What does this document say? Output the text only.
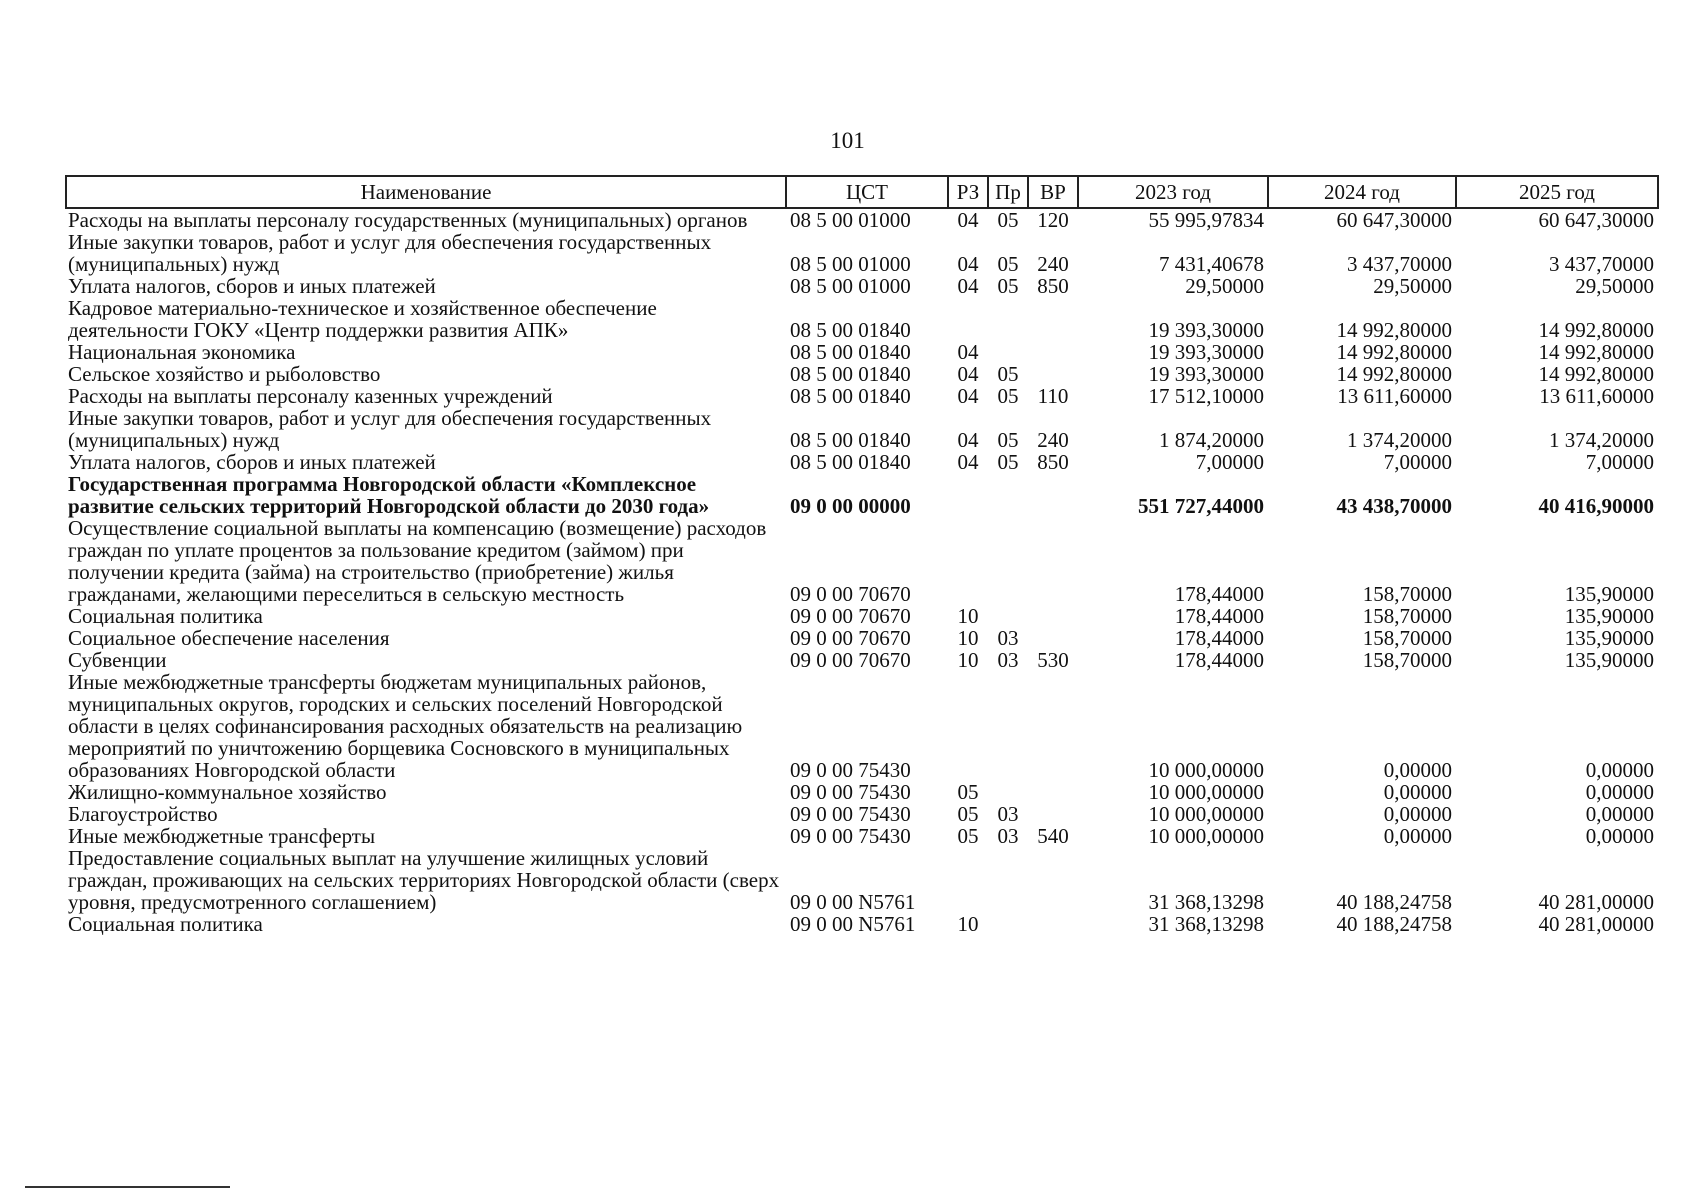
101
Наименование	ЦСТ	РЗ	Пр	ВР	2023 год	2024 год	2025 год
Расходы на выплаты персоналу государственных (муниципальных) органов	08 5 00 01000	04	05	120	55 995,97834	60 647,30000	60 647,30000
Иные закупки товаров, работ и услуг для обеспечения государственных (муниципальных) нужд	08 5 00 01000	04	05	240	7 431,40678	3 437,70000	3 437,70000
Уплата налогов, сборов и иных платежей	08 5 00 01000	04	05	850	29,50000	29,50000	29,50000
Кадровое материально-техническое и хозяйственное обеспечение деятельности ГОКУ «Центр поддержки развития АПК»	08 5 00 01840				19 393,30000	14 992,80000	14 992,80000
Национальная экономика	08 5 00 01840	04			19 393,30000	14 992,80000	14 992,80000
Сельское хозяйство и рыболовство	08 5 00 01840	04	05		19 393,30000	14 992,80000	14 992,80000
Расходы на выплаты персоналу казенных учреждений	08 5 00 01840	04	05	110	17 512,10000	13 611,60000	13 611,60000
Иные закупки товаров, работ и услуг для обеспечения государственных (муниципальных) нужд	08 5 00 01840	04	05	240	1 874,20000	1 374,20000	1 374,20000
Уплата налогов, сборов и иных платежей	08 5 00 01840	04	05	850	7,00000	7,00000	7,00000
Государственная программа Новгородской области «Комплексное развитие сельских территорий Новгородской области до 2030 года»	09 0 00 00000				551 727,44000	43 438,70000	40 416,90000
Осуществление социальной выплаты на компенсацию (возмещение) расходов граждан по уплате процентов за пользование кредитом (займом) при получении кредита (займа) на строительство (приобретение) жилья гражданами, желающими переселиться в сельскую местность	09 0 00 70670				178,44000	158,70000	135,90000
Социальная политика	09 0 00 70670	10			178,44000	158,70000	135,90000
Социальное обеспечение населения	09 0 00 70670	10	03		178,44000	158,70000	135,90000
Субвенции	09 0 00 70670	10	03	530	178,44000	158,70000	135,90000
Иные межбюджетные трансферты бюджетам муниципальных районов, муниципальных округов, городских и сельских поселений Новгородской области в целях софинансирования расходных обязательств на реализацию мероприятий по уничтожению борщевика Сосновского в муниципальных образованиях Новгородской области	09 0 00 75430				10 000,00000	0,00000	0,00000
Жилищно-коммунальное хозяйство	09 0 00 75430	05			10 000,00000	0,00000	0,00000
Благоустройство	09 0 00 75430	05	03		10 000,00000	0,00000	0,00000
Иные межбюджетные трансферты	09 0 00 75430	05	03	540	10 000,00000	0,00000	0,00000
Предоставление социальных выплат на улучшение жилищных условий граждан, проживающих на сельских территориях Новгородской области (сверх уровня, предусмотренного соглашением)	09 0 00 N5761				31 368,13298	40 188,24758	40 281,00000
Социальная политика	09 0 00 N5761	10			31 368,13298	40 188,24758	40 281,00000
